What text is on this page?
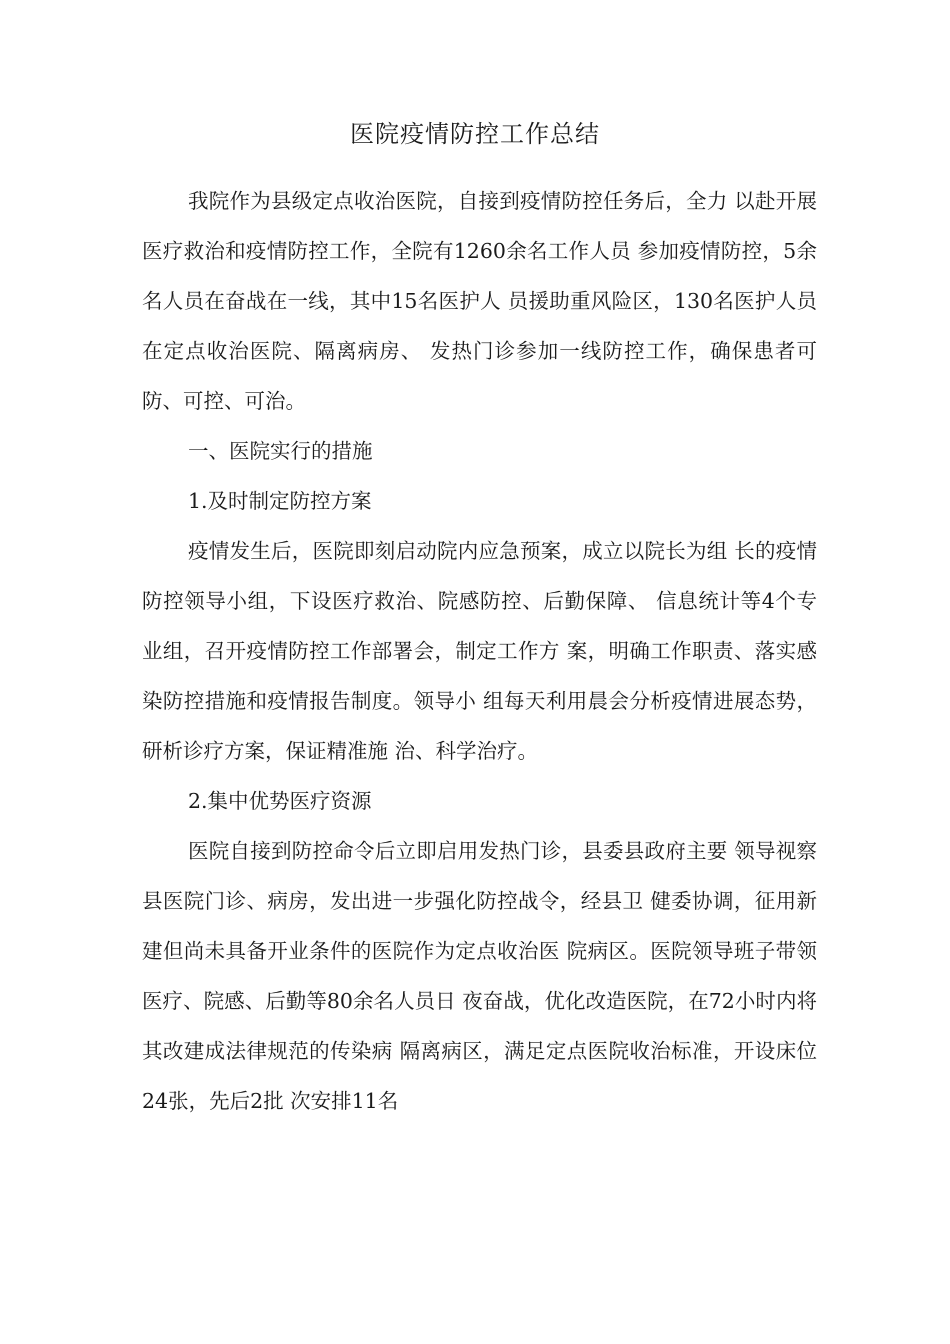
医院疫情防控工作总结

我院作为县级定点收治医院，自接到疫情防控任务后，全力 以赴开展医疗救治和疫情防控工作，全院有1260余名工作人员 参加疫情防控，5余名人员在奋战在一线，其中15名医护人 员援助重风险区，130名医护人员在定点收治医院、隔离病房、 发热门诊参加一线防控工作，确保患者可防、可控、可治。

一、医院实行的措施

1.及时制定防控方案

疫情发生后，医院即刻启动院内应急预案，成立以院长为组 长的疫情防控领导小组，下设医疗救治、院感防控、后勤保障、 信息统计等4个专业组，召开疫情防控工作部署会，制定工作方 案，明确工作职责、落实感染防控措施和疫情报告制度。领导小 组每天利用晨会分析疫情进展态势，研析诊疗方案，保证精准施 治、科学治疗。

2.集中优势医疗资源

医院自接到防控命令后立即启用发热门诊，县委县政府主要 领导视察县医院门诊、病房，发出进一步强化防控战令，经县卫 健委协调，征用新建但尚未具备开业条件的医院作为定点收治医 院病区。医院领导班子带领医疗、院感、后勤等80余名人员日 夜奋战，优化改造医院，在72小时内将其改建成法律规范的传染病 隔离病区，满足定点医院收治标准，开设床位24张，先后2批 次安排11名
